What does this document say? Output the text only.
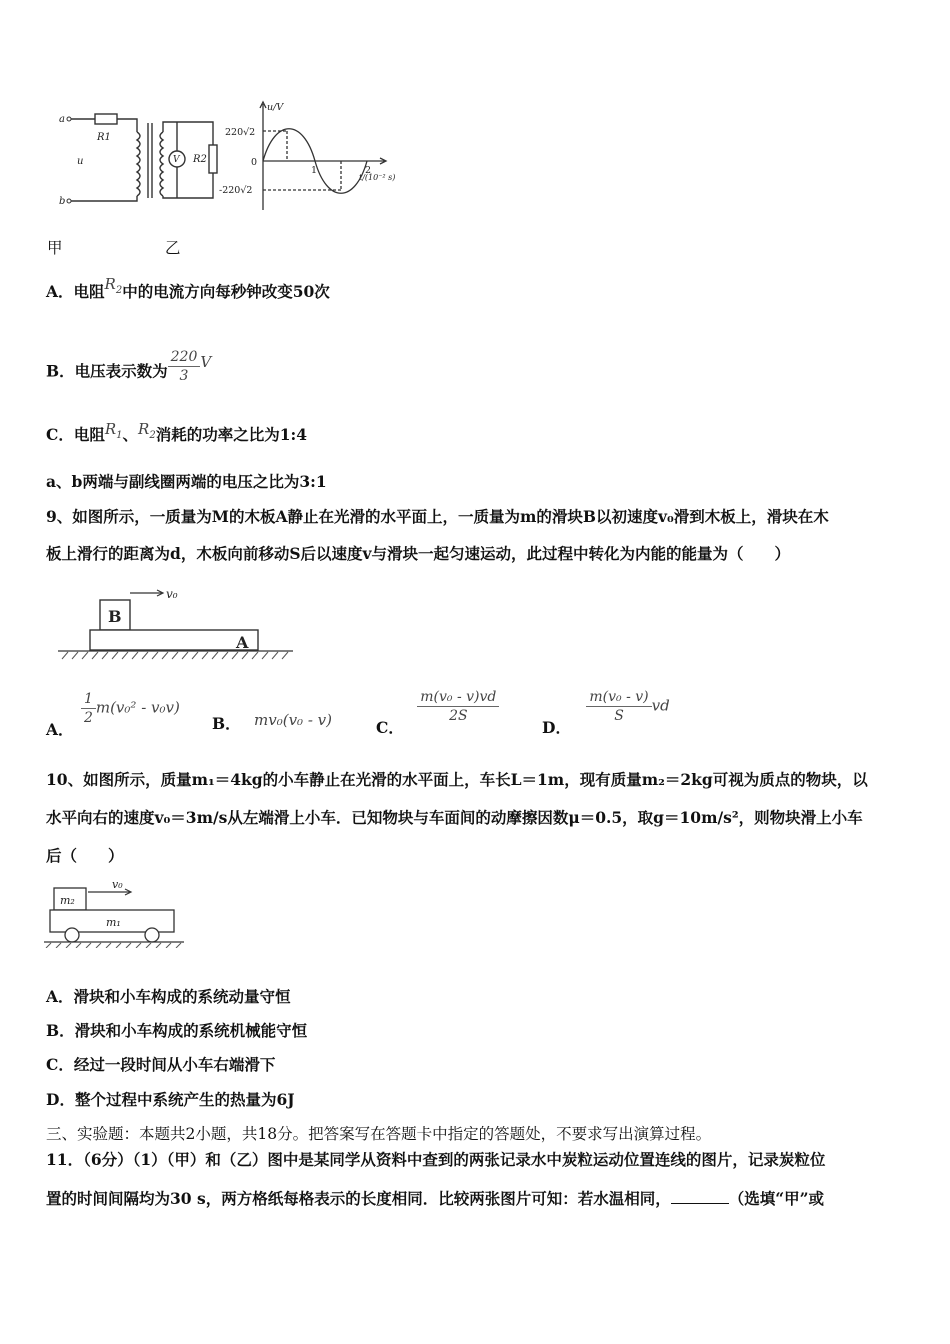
a
b
u
R1
R2
V
u/V
220√2
0
-220√2
1	2
t/(10⁻² s)
甲	乙
A．电阻$R_2$中的电流方向每秒钟改变50次
B．电压表示数为 $\frac{220}{3}$ V
C．电阻$R_1$、$R_2$消耗的功率之比为1:4
a、b两端与副线圈两端的电压之比为3:1
9、如图所示，一质量为M的木板A静止在光滑的水平面上，一质量为m的滑块B以初速度v₀滑到木板上，滑块在木
板上滑行的距离为d，木板向前移动S后以速度v与滑块一起匀速运动，此过程中转化为内能的能量为（　　）
B
A
v₀
A．
$\frac{1}{2} m(v_0^2 - v_0v)$
B． mv₀(v₀ - v)	C．
$\frac{\text{m(v₀ - v)vd}}{2S}$
D．
$\frac{\text{m(v₀ - v)}}{S}$ vd
10、如图所示，质量m₁＝4kg的小车静止在光滑的水平面上，车长L＝1m，现有质量m₂＝2kg可视为质点的物块，以
水平向右的速度v₀＝3m/s从左端滑上小车．已知物块与车面间的动摩擦因数μ＝0.5，取g＝10m/s²，则物块滑上小车
后（　　）
m₂
v₀
m₁
A．滑块和小车构成的系统动量守恒
B．滑块和小车构成的系统机械能守恒
C．经过一段时间从小车右端滑下
D．整个过程中系统产生的热量为6J
三、实验题：本题共2小题，共18分。把答案写在答题卡中指定的答题处，不要求写出演算过程。
11．（6分）（1）（甲）和（乙）图中是某同学从资料中查到的两张记录水中炭粒运动位置连线的图片，记录炭粒位
置的时间间隔均为30 s，两方格纸每格表示的长度相同．比较两张图片可知：若水温相同，	（选填“甲”或
